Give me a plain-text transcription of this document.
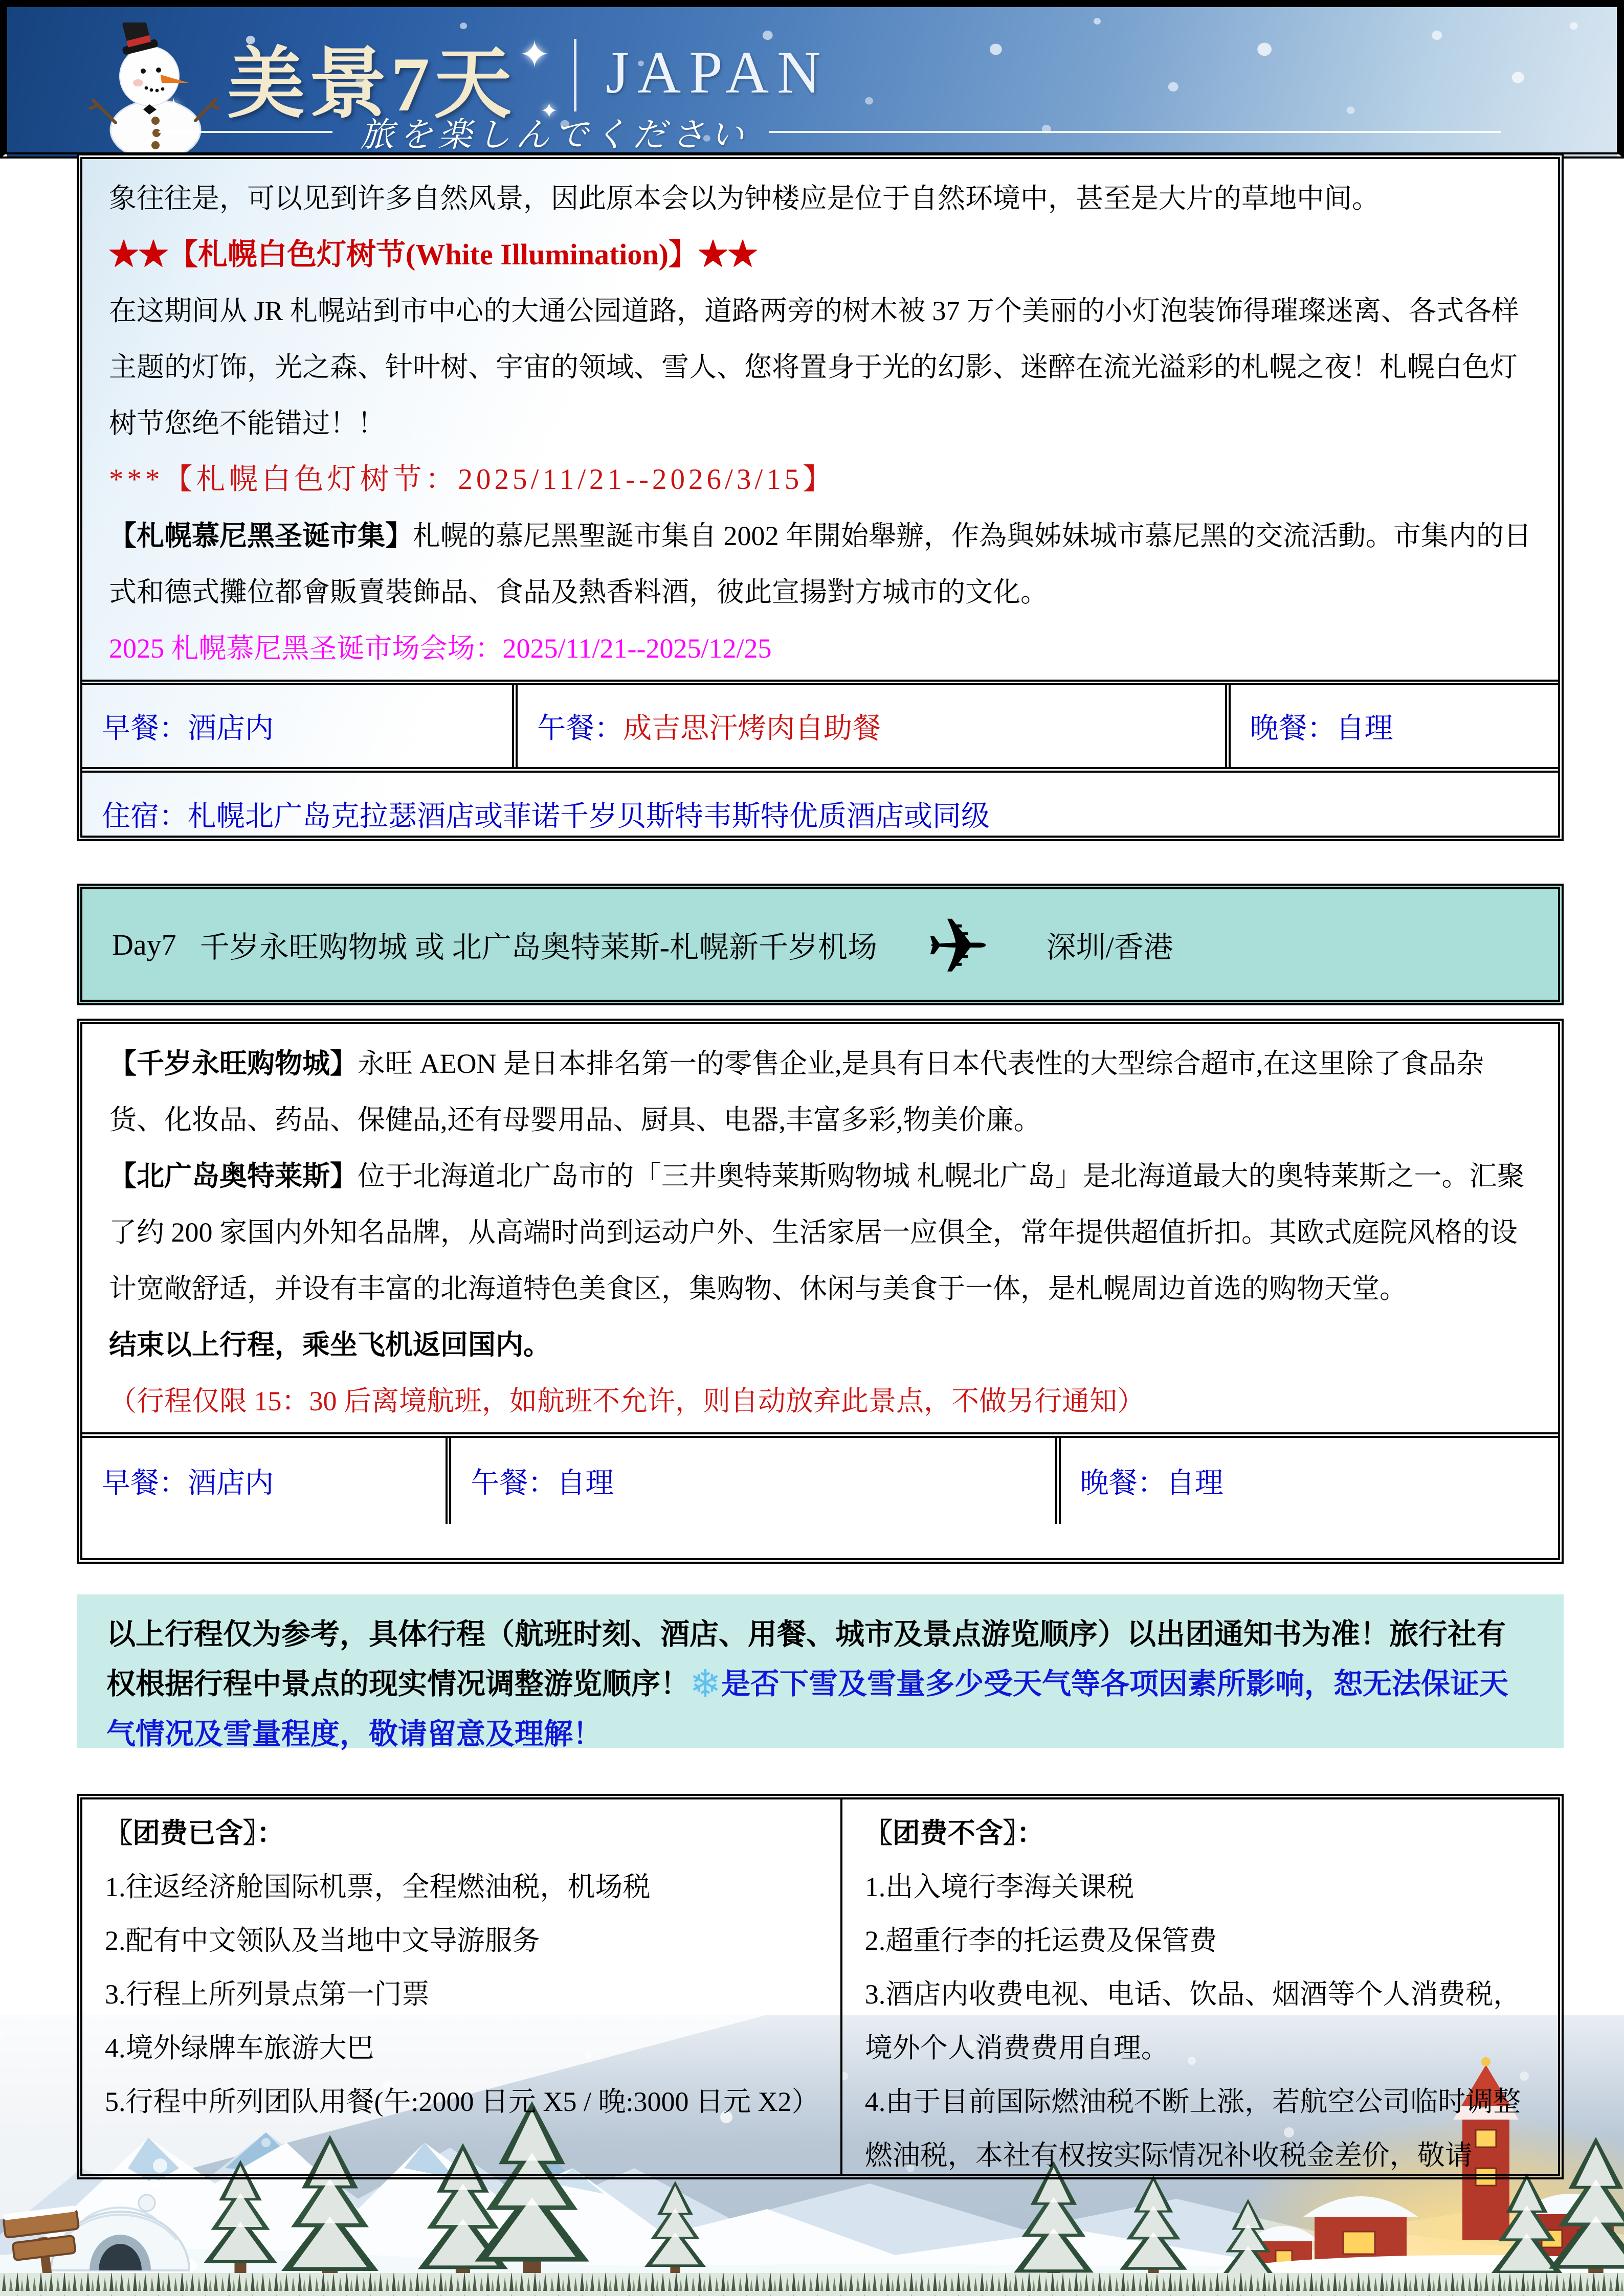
美景7天 ✦
✦
✦
JAPAN
旅を楽しんでください

象往往是，可以见到许多自然风景，因此原本会以为钟楼应是位于自然环境中，甚至是大片的草地中间。

★★【札幌白色灯树节(White Illumination)】★★

在这期间从 JR 札幌站到市中心的大通公园道路，道路两旁的树木被 37 万个美丽的小灯泡装饰得璀璨迷离、各式各样主题的灯饰，光之森、针叶树、宇宙的领域、雪人、您将置身于光的幻影、迷醉在流光溢彩的札幌之夜！札幌白色灯树节您绝不能错过！！

***【札幌白色灯树节：2025/11/21--2026/3/15】

【札幌慕尼黑圣诞市集】札幌的慕尼黑聖誕市集自 2002 年開始舉辦，作為與姊妹城市慕尼黑的交流活動。市集内的日式和德式攤位都會販賣裝飾品、食品及熱香料酒，彼此宣揚對方城市的文化。

2025 札幌慕尼黑圣诞市场会场：2025/11/21--2025/12/25

早餐： 酒店内	午餐： 成吉思汗烤肉自助餐	晚餐： 自理
住宿： 札幌北广岛克拉瑟酒店或菲诺千岁贝斯特韦斯特优质酒店或同级
Day7 千岁永旺购物城 或 北广岛奥特莱斯-札幌新千岁机场 ✈ 深圳/香港

【千岁永旺购物城】永旺 AEON 是日本排名第一的零售企业,是具有日本代表性的大型综合超市,在这里除了食品杂货、化妆品、药品、保健品,还有母婴用品、厨具、电器,丰富多彩,物美价廉。

【北广岛奥特莱斯】位于北海道北广岛市的「三井奥特莱斯购物城 札幌北广岛」是北海道最大的奥特莱斯之一。汇聚了约 200 家国内外知名品牌，从高端时尚到运动户外、生活家居一应俱全，常年提供超值折扣。其欧式庭院风格的设计宽敞舒适，并设有丰富的北海道特色美食区，集购物、休闲与美食于一体，是札幌周边首选的购物天堂。

结束以上行程，乘坐飞机返回国内。

（行程仅限 15：30 后离境航班，如航班不允许，则自动放弃此景点，不做另行通知）

早餐： 酒店内	午餐： 自理	晚餐： 自理
以上行程仅为参考，具体行程（航班时刻、酒店、用餐、城市及景点游览顺序）以出团通知书为准！旅行社有权根据行程中景点的现实情况调整游览顺序！❄是否下雪及雪量多少受天气等各项因素所影响，恕无法保证天气情况及雪量程度，敬请留意及理解！
〖团费已含〗：
1.往返经济舱国际机票，全程燃油税，机场税
2.配有中文领队及当地中文导游服务
3.行程上所列景点第一门票
4.境外绿牌车旅游大巴
5.行程中所列团队用餐(午:2000 日元 X5 / 晚:3000 日元 X2）
〖团费不含〗：
1.出入境行李海关课税
2.超重行李的托运费及保管费
3.酒店内收费电视、电话、饮品、烟酒等个人消费税，境外个人消费费用自理。
4.由于目前国际燃油税不断上涨，若航空公司临时调整燃油税，本社有权按实际情况补收税金差价，敬请
